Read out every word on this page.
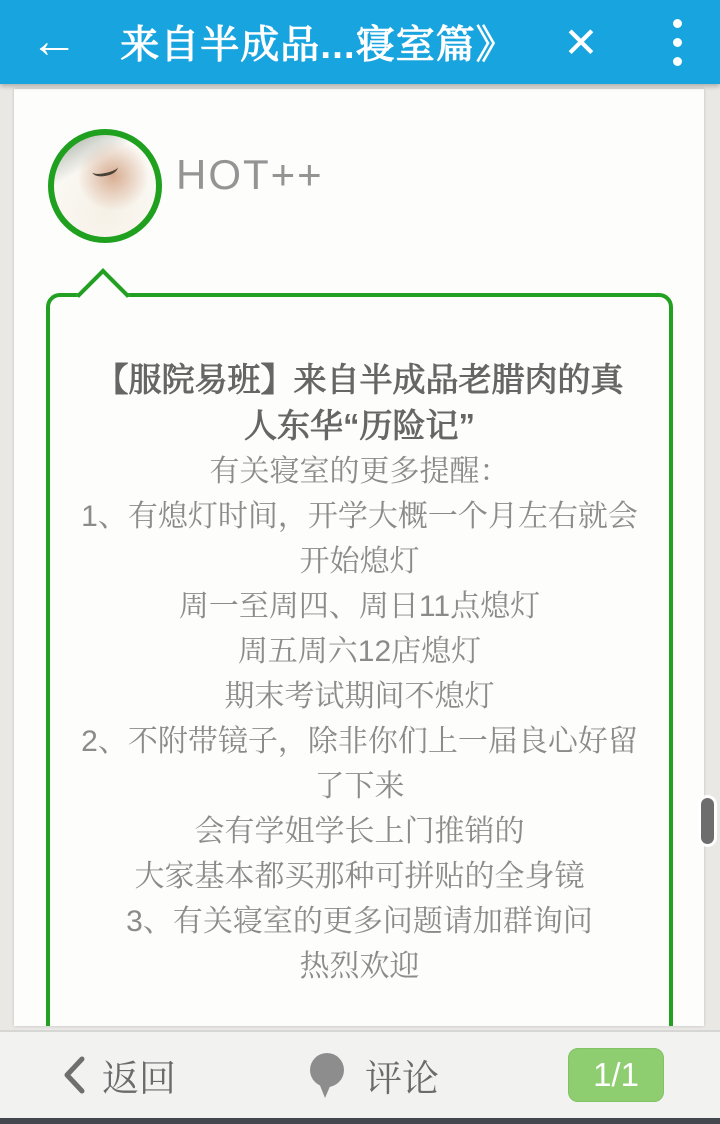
←	来自半成品...寝室篇》	✕
HOT++
【服院易班】来自半成品老腊肉的真
人东华“历险记”
有关寝室的更多提醒：
1、有熄灯时间，开学大概一个月左右就会
开始熄灯
周一至周四、周日11点熄灯
周五周六12店熄灯
期末考试期间不熄灯
2、不附带镜子，除非你们上一届良心好留
了下来
会有学姐学长上门推销的
大家基本都买那种可拼贴的全身镜
3、有关寝室的更多问题请加群询问
热烈欢迎
返回	评论	1/1
